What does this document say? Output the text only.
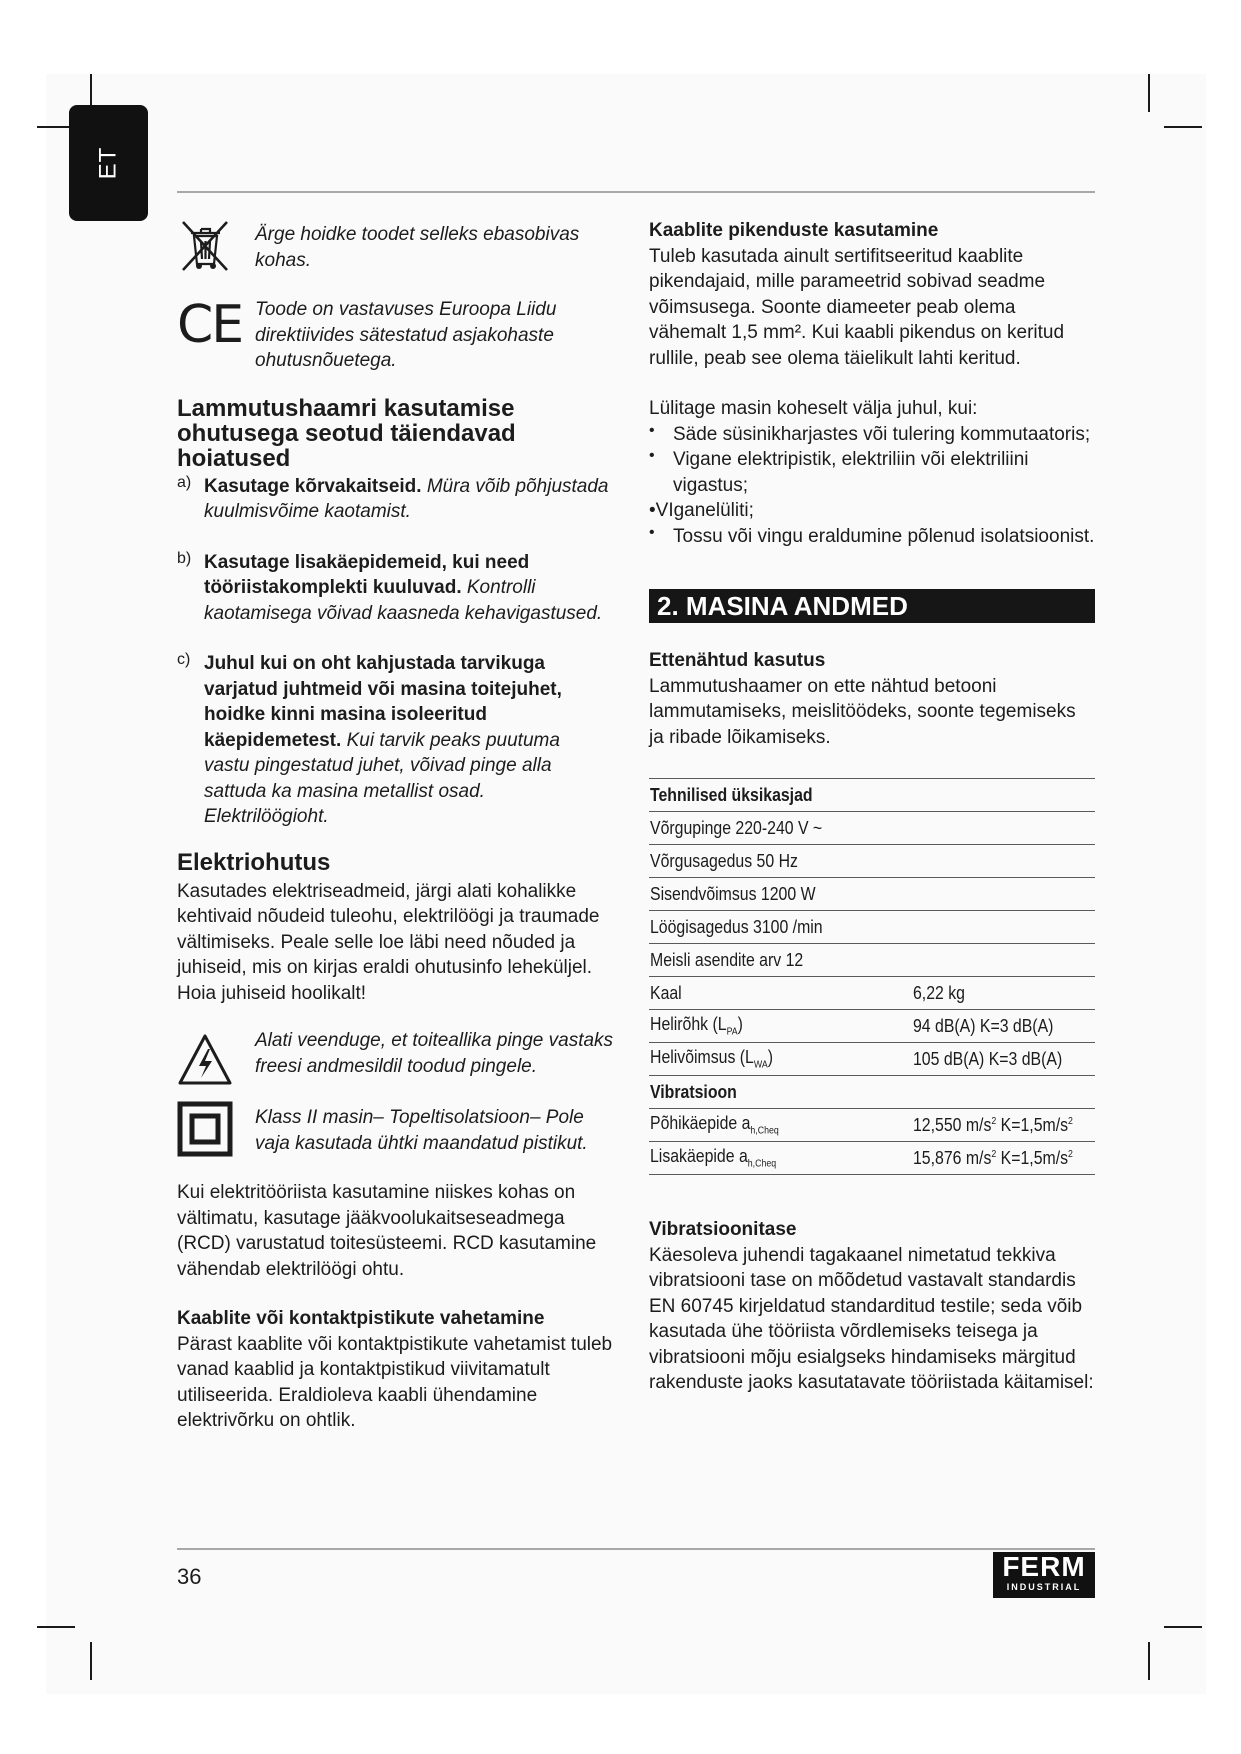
ET

Ärge hoidke toodet selleks ebasobivas kohas.

CE Toode on vastavuses Euroopa Liidu direktiivides sätestatud asjakohaste ohutusnõuetega.

Lammutushaamri kasutamise ohutusega seotud täiendavad hoiatused
a) Kasutage kõrvakaitseid. Müra võib põhjustada kuulmisvõime kaotamist.

b) Kasutage lisakäepidemeid, kui need tööriistakomplekti kuuluvad. Kontrolli kaotamisega võivad kaasneda kehavigastused.

c) Juhul kui on oht kahjustada tarvikuga varjatud juhtmeid või masina toitejuhet, hoidke kinni masina isoleeritud käepidemetest. Kui tarvik peaks puutuma vastu pingestatud juhet, võivad pinge alla sattuda ka masina metallist osad. Elektrilöögioht.

Elektriohutus

Kasutades elektriseadmeid, järgi alati kohalikke kehtivaid nõudeid tuleohu, elektrilöögi ja traumade vältimiseks. Peale selle loe läbi need nõuded ja juhiseid, mis on kirjas eraldi ohutusinfo leheküljel. Hoia juhiseid hoolikalt!

Alati veenduge, et toiteallika pinge vastaks freesi andmesildil toodud pingele.

Klass II masin– Topeltisolatsioon– Pole vaja kasutada ühtki maandatud pistikut.

Kui elektritööriista kasutamine niiskes kohas on vältimatu, kasutage jääkvoolukaitseseadmega (RCD) varustatud toitesüsteemi. RCD kasutamine vähendab elektrilöögi ohtu.

Kaablite või kontaktpistikute vahetamine

Pärast kaablite või kontaktpistikute vahetamist tuleb vanad kaablid ja kontaktpistikud viivitamatult utiliseerida. Eraldioleva kaabli ühendamine elektrivõrku on ohtlik.

Kaablite pikenduste kasutamine

Tuleb kasutada ainult sertifitseeritud kaablite pikendajaid, mille parameetrid sobivad seadme võimsusega. Soonte diameeter peab olema vähemalt 1,5 mm². Kui kaabli pikendus on keritud rullile, peab see olema täielikult lahti keritud.

Lülitage masin koheselt välja juhul, kui:

• Säde süsinikharjastes või tulering kommutaatoris;

• Vigane elektripistik, elektriliin või elektriliini vigastus;

•VIganelüliti;

• Tossu või vingu eraldumine põlenud isolatsioonist.

2. MASINA ANDMED

Ettenähtud kasutus

Lammutushaamer on ette nähtud betooni lammutamiseks, meislitöödeks, soonte tegemiseks ja ribade lõikamiseks.

Tehnilised üksikasjad	
Võrgupinge 220-240 V ~	
Võrgusagedus 50 Hz	
Sisendvõimsus 1200 W	
Löögisagedus 3100 /min	
Meisli asendite arv 12	
Kaal	6,22 kg
Helirõhk $(L_{PA})$	94 dB(A) K=3 dB(A)
Helivõimsus $(L_{WA})$	105 dB(A) K=3 dB(A)
Vibratsioon	
Põhikäepide $a_{h,Cheq}$	12,550 $m/s^2$ $K=1,5m/s^2$
Lisakäepide $a_{h,Cheq}$	15,876 $m/s^2$ $K=1,5m/s^2$

Vibratsioonitase

Käesoleva juhendi tagakaanel nimetatud tekkiva vibratsiooni tase on mõõdetud vastavalt standardis EN 60745 kirjeldatud standarditud testile; seda võib kasutada ühe tööriista võrdlemiseks teisega ja vibratsiooni mõju esialgseks hindamiseks märgitud rakenduste jaoks kasutatavate tööriistada käitamisel:

36	FERM
INDUSTRIAL
